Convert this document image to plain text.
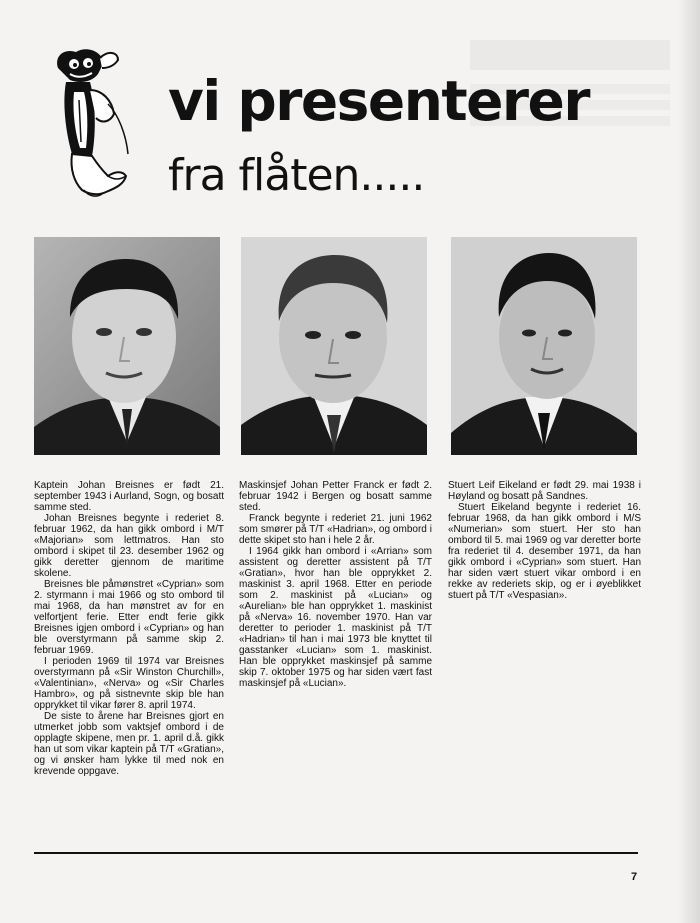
vi presenterer
fra flåten.....

Kaptein Johan Breisnes er født 21. september 1943 i Aurland, Sogn, og bosatt samme sted.

Johan Breisnes begynte i rederiet 8. februar 1962, da han gikk ombord i M/T «Majorian» som lettmatros. Han sto ombord i skipet til 23. desember 1962 og gikk deretter gjennom de maritime skolene.

Breisnes ble påmønstret «Cyprian» som 2. styrmann i mai 1966 og sto ombord til mai 1968, da han mønstret av for en velfortjent ferie. Etter endt ferie gikk Breisnes igjen ombord i «Cyprian» og han ble overstyrmann på samme skip 2. februar 1969.

I perioden 1969 til 1974 var Breisnes overstyrmann på «Sir Winston Churchill», «Valentinian», «Nerva» og «Sir Charles Hambro», og på sistnevnte skip ble han opprykket til vikar fører 8. april 1974.

De siste to årene har Breisnes gjort en utmerket jobb som vaktsjef ombord i de opplagte skipene, men pr. 1. april d.å. gikk han ut som vikar kaptein på T/T «Gratian», og vi ønsker ham lykke til med nok en krevende oppgave.

Maskinsjef Johan Petter Franck er født 2. februar 1942 i Bergen og bosatt samme sted.

Franck begynte i rederiet 21. juni 1962 som smører på T/T «Hadrian», og ombord i dette skipet sto han i hele 2 år.

I 1964 gikk han ombord i «Arrian» som assistent og deretter assistent på T/T «Gratian», hvor han ble opprykket 2. maskinist 3. april 1968. Etter en periode som 2. maskinist på «Lucian» og «Aurelian» ble han opprykket 1. maskinist på «Nerva» 16. november 1970. Han var deretter to perioder 1. maskinist på T/T «Hadrian» til han i mai 1973 ble knyttet til gasstanker «Lucian» som 1. maskinist. Han ble opprykket maskinsjef på samme skip 7. oktober 1975 og har siden vært fast maskinsjef på «Lucian».

Stuert Leif Eikeland er født 29. mai 1938 i Høyland og bosatt på Sandnes.

Stuert Eikeland begynte i rederiet 16. februar 1968, da han gikk ombord i M/S «Numerian» som stuert. Her sto han ombord til 5. mai 1969 og var deretter borte fra rederiet til 4. desember 1971, da han gikk ombord i «Cyprian» som stuert. Han har siden vært stuert vikar ombord i en rekke av rederiets skip, og er i øyeblikket stuert på T/T «Vespasian».

7
